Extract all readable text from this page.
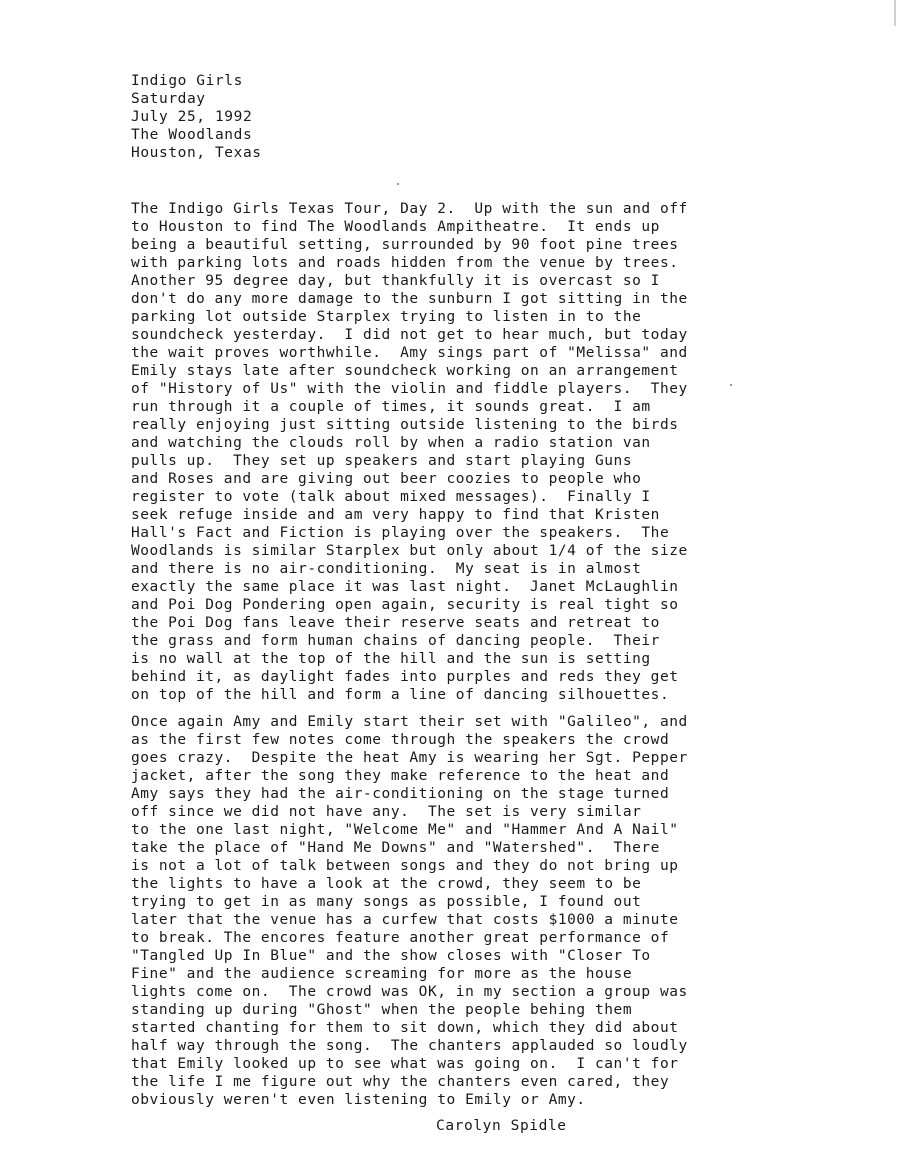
Indigo Girls
Saturday
July 25, 1992
The Woodlands
Houston, Texas
The Indigo Girls Texas Tour, Day 2.  Up with the sun and off
to Houston to find The Woodlands Ampitheatre.  It ends up
being a beautiful setting, surrounded by 90 foot pine trees
with parking lots and roads hidden from the venue by trees.
Another 95 degree day, but thankfully it is overcast so I
don't do any more damage to the sunburn I got sitting in the
parking lot outside Starplex trying to listen in to the
soundcheck yesterday.  I did not get to hear much, but today
the wait proves worthwhile.  Amy sings part of "Melissa" and
Emily stays late after soundcheck working on an arrangement
of "History of Us" with the violin and fiddle players.  They
run through it a couple of times, it sounds great.  I am
really enjoying just sitting outside listening to the birds
and watching the clouds roll by when a radio station van
pulls up.  They set up speakers and start playing Guns
and Roses and are giving out beer coozies to people who
register to vote (talk about mixed messages).  Finally I
seek refuge inside and am very happy to find that Kristen
Hall's Fact and Fiction is playing over the speakers.  The
Woodlands is similar Starplex but only about 1/4 of the size
and there is no air-conditioning.  My seat is in almost
exactly the same place it was last night.  Janet McLaughlin
and Poi Dog Pondering open again, security is real tight so
the Poi Dog fans leave their reserve seats and retreat to
the grass and form human chains of dancing people.  Their
is no wall at the top of the hill and the sun is setting
behind it, as daylight fades into purples and reds they get
on top of the hill and form a line of dancing silhouettes.
Once again Amy and Emily start their set with "Galileo", and
as the first few notes come through the speakers the crowd
goes crazy.  Despite the heat Amy is wearing her Sgt. Pepper
jacket, after the song they make reference to the heat and
Amy says they had the air-conditioning on the stage turned
off since we did not have any.  The set is very similar
to the one last night, "Welcome Me" and "Hammer And A Nail"
take the place of "Hand Me Downs" and "Watershed".  There
is not a lot of talk between songs and they do not bring up
the lights to have a look at the crowd, they seem to be
trying to get in as many songs as possible, I found out
later that the venue has a curfew that costs $1000 a minute
to break. The encores feature another great performance of
"Tangled Up In Blue" and the show closes with "Closer To
Fine" and the audience screaming for more as the house
lights come on.  The crowd was OK, in my section a group was
standing up during "Ghost" when the people behing them
started chanting for them to sit down, which they did about
half way through the song.  The chanters applauded so loudly
that Emily looked up to see what was going on.  I can't for
the life I me figure out why the chanters even cared, they
obviously weren't even listening to Emily or Amy.
Carolyn Spidle
